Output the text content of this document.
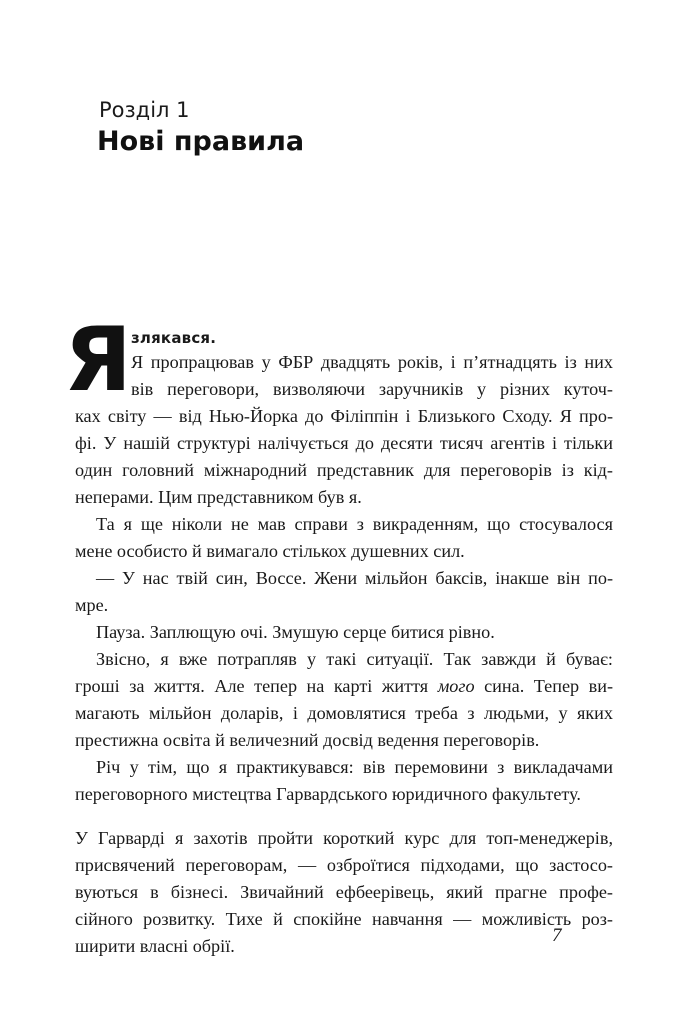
Розділ 1
Нові правила
Я злякався.
Я пропрацював у ФБР двадцять років, і п’ятнадцять із них
вів переговори, визволяючи заручників у різних куточ-
ках світу — від Нью-Йорка до Філіппін і Близького Сходу. Я про-
фі. У нашій структурі налічується до десяти тисяч агентів і тільки
один головний міжнародний представник для переговорів із кід-
неперами. Цим представником був я.
Та я ще ніколи не мав справи з викраденням, що стосувалося
мене особисто й вимагало стількох душевних сил.
— У нас твій син, Воссе. Жени мільйон баксів, інакше він по-
мре.
Пауза. Заплющую очі. Змушую серце битися рівно.
Звісно, я вже потрапляв у такі ситуації. Так завжди й буває:
гроші за життя. Але тепер на карті життя мого сина. Тепер ви-
магають мільйон доларів, і домовлятися треба з людьми, у яких
престижна освіта й величезний досвід ведення переговорів.
Річ у тім, що я практикувався: вів перемовини з викладачами
переговорного мистецтва Гарвардського юридичного факультету.
У Гарварді я захотів пройти короткий курс для топ-менеджерів,
присвячений переговорам, — озброїтися підходами, що застосо-
вуються в бізнесі. Звичайний ефбеерівець, який прагне профе-
сійного розвитку. Тихе й спокійне навчання — можливість роз-
ширити власні обрії.	7
